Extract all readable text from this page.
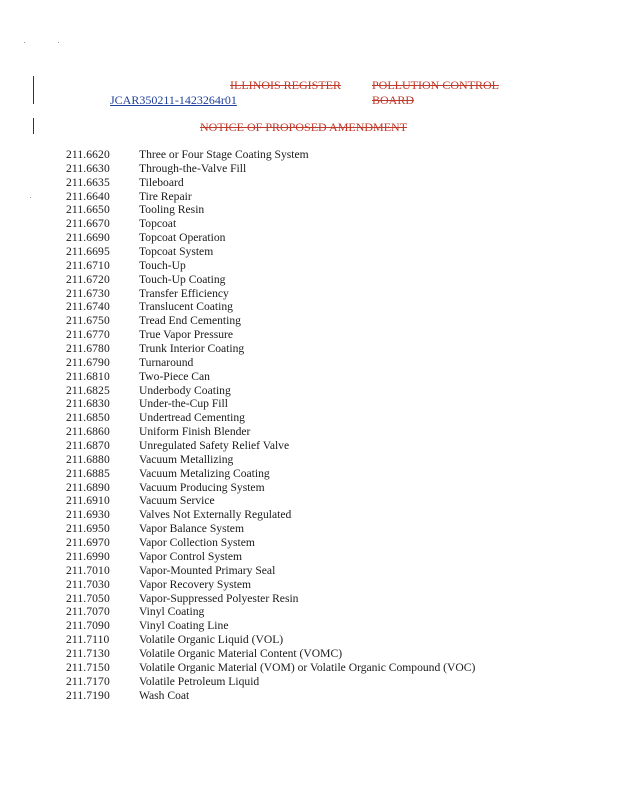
ILLINOIS REGISTER	POLLUTION CONTROL BOARD
JCAR350211-1423264r01
NOTICE OF PROPOSED AMENDMENT
211.6620	Three or Four Stage Coating System
211.6630	Through-the-Valve Fill
211.6635	Tileboard
211.6640	Tire Repair
211.6650	Tooling Resin
211.6670	Topcoat
211.6690	Topcoat Operation
211.6695	Topcoat System
211.6710	Touch-Up
211.6720	Touch-Up Coating
211.6730	Transfer Efficiency
211.6740	Translucent Coating
211.6750	Tread End Cementing
211.6770	True Vapor Pressure
211.6780	Trunk Interior Coating
211.6790	Turnaround
211.6810	Two-Piece Can
211.6825	Underbody Coating
211.6830	Under-the-Cup Fill
211.6850	Undertread Cementing
211.6860	Uniform Finish Blender
211.6870	Unregulated Safety Relief Valve
211.6880	Vacuum Metallizing
211.6885	Vacuum Metalizing Coating
211.6890	Vacuum Producing System
211.6910	Vacuum Service
211.6930	Valves Not Externally Regulated
211.6950	Vapor Balance System
211.6970	Vapor Collection System
211.6990	Vapor Control System
211.7010	Vapor-Mounted Primary Seal
211.7030	Vapor Recovery System
211.7050	Vapor-Suppressed Polyester Resin
211.7070	Vinyl Coating
211.7090	Vinyl Coating Line
211.7110	Volatile Organic Liquid (VOL)
211.7130	Volatile Organic Material Content (VOMC)
211.7150	Volatile Organic Material (VOM) or Volatile Organic Compound (VOC)
211.7170	Volatile Petroleum Liquid
211.7190	Wash Coat
